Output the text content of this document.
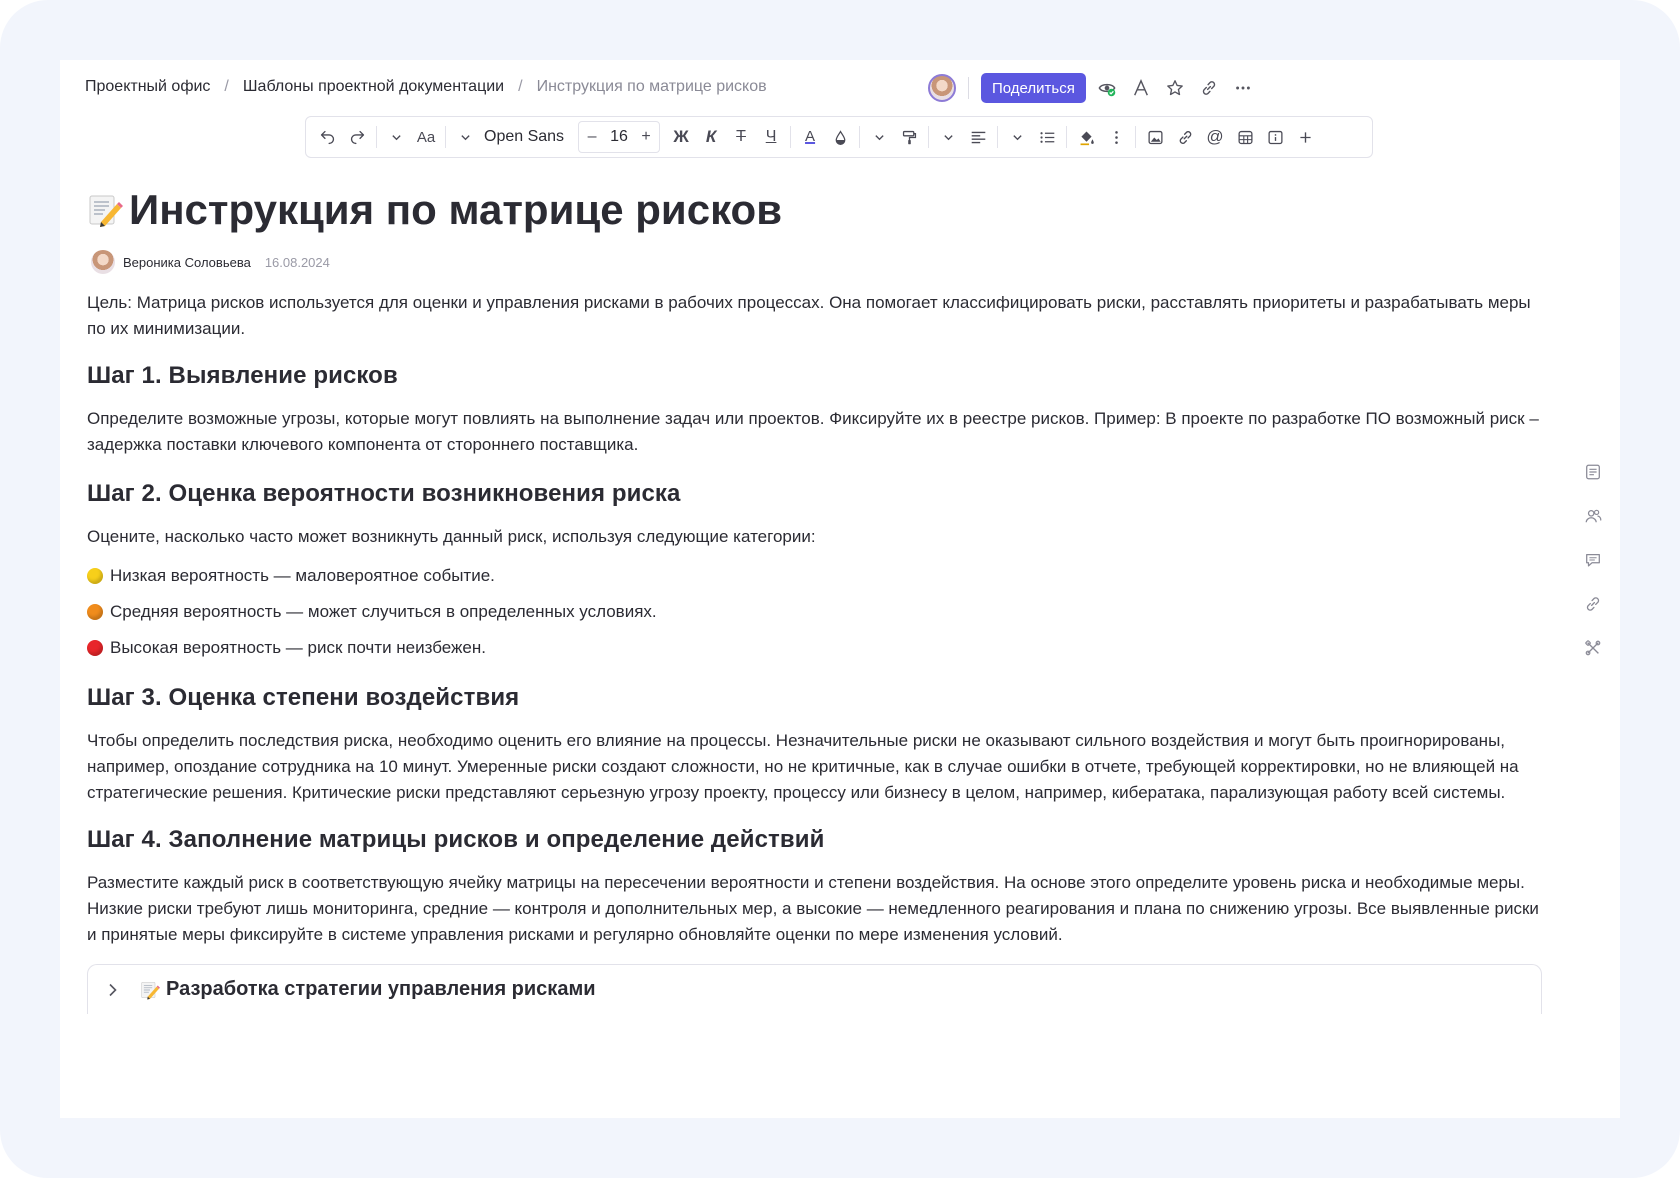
Проектный офис / Шаблоны проектной документации / Инструкция по матрице рисков	Поделиться
Aa	Open Sans	– 16 +	Ж	К	Т	Ч	A	@
Инструкция по матрице рисков
Вероника Соловьева 16.08.2024

Цель: Матрица рисков используется для оценки и управления рисками в рабочих процессах. Она помогает классифицировать риски, расставлять приоритеты и разрабатывать меры
по их минимизации.

Шаг 1. Выявление рисков

Определите возможные угрозы, которые могут повлиять на выполнение задач или проектов. Фиксируйте их в реестре рисков. Пример: В проекте по разработке ПО возможный риск – задержка поставки ключевого компонента от стороннего поставщика.

Шаг 2. Оценка вероятности возникновения риска

Оцените, насколько часто может возникнуть данный риск, используя следующие категории:

Низкая вероятность — маловероятное событие.
Средняя вероятность — может случиться в определенных условиях.
Высокая вероятность — риск почти неизбежен.
Шаг 3. Оценка степени воздействия

Чтобы определить последствия риска, необходимо оценить его влияние на процессы. Незначительные риски не оказывают сильного воздействия и могут быть проигнорированы, например, опоздание сотрудника на 10 минут. Умеренные риски создают сложности, но не критичные, как в случае ошибки в отчете, требующей корректировки, но не влияющей на стратегические решения. Критические риски представляют серьезную угрозу проекту, процессу или бизнесу в целом, например, кибератака, парализующая работу всей системы.

Шаг 4. Заполнение матрицы рисков и определение действий

Разместите каждый риск в соответствующую ячейку матрицы на пересечении вероятности и степени воздействия. На основе этого определите уровень риска и необходимые меры. Низкие риски требуют лишь мониторинга, средние — контроля и дополнительных мер, а высокие — немедленного реагирования и плана по снижению угрозы. Все выявленные риски и принятые меры фиксируйте в системе управления рисками и регулярно обновляйте оценки по мере изменения условий.

Разработка стратегии управления рисками
